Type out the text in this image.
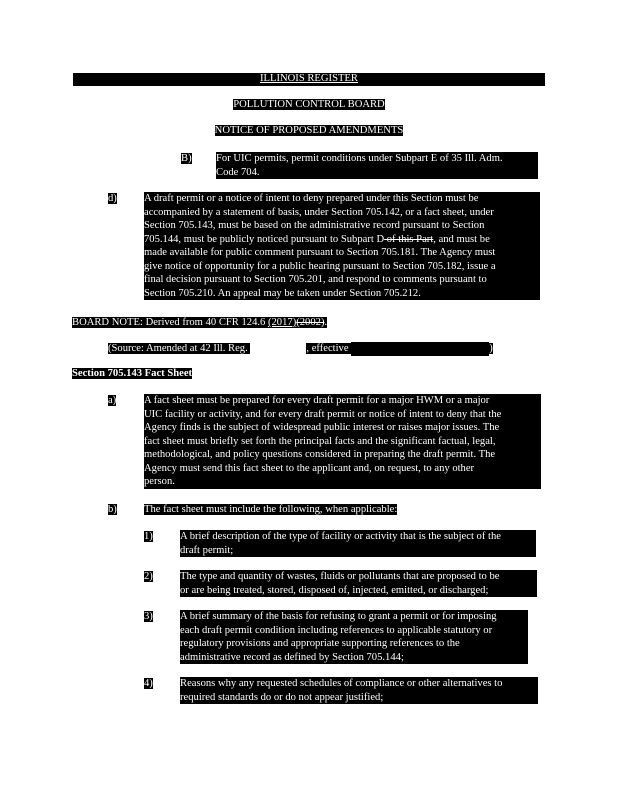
ILLINOIS REGISTER
POLLUTION CONTROL BOARD
NOTICE OF PROPOSED AMENDMENTS
B) For UIC permits, permit conditions under Subpart E of 35 Ill. Adm.
Code 704.
d)	A draft permit or a notice of intent to deny prepared under this Section must be
accompanied by a statement of basis, under Section 705.142, or a fact sheet, under
Section 705.143, must be based on the administrative record pursuant to Section
705.144, must be publicly noticed pursuant to Subpart D of this Part, and must be
made available for public comment pursuant to Section 705.181. The Agency must
give notice of opportunity for a public hearing pursuant to Section 705.182, issue a
final decision pursuant to Section 705.201, and respond to comments pursuant to
Section 705.210. An appeal may be taken under Section 705.212.
BOARD NOTE: Derived from 40 CFR 124.6 (2017)(2002).
(Source: Amended at 42 Ill. Reg.	, effective	)
Section 705.143 Fact Sheet
a)	A fact sheet must be prepared for every draft permit for a major HWM or a major
UIC facility or activity, and for every draft permit or notice of intent to deny that the
Agency finds is the subject of widespread public interest or raises major issues. The
fact sheet must briefly set forth the principal facts and the significant factual, legal,
methodological, and policy questions considered in preparing the draft permit. The
Agency must send this fact sheet to the applicant and, on request, to any other
person.
b)	The fact sheet must include the following, when applicable:
1)	A brief description of the type of facility or activity that is the subject of the
draft permit;
2)	The type and quantity of wastes, fluids or pollutants that are proposed to be
or are being treated, stored, disposed of, injected, emitted, or discharged;
3)	A brief summary of the basis for refusing to grant a permit or for imposing
each draft permit condition including references to applicable statutory or
regulatory provisions and appropriate supporting references to the
administrative record as defined by Section 705.144;
4)	Reasons why any requested schedules of compliance or other alternatives to
required standards do or do not appear justified;
